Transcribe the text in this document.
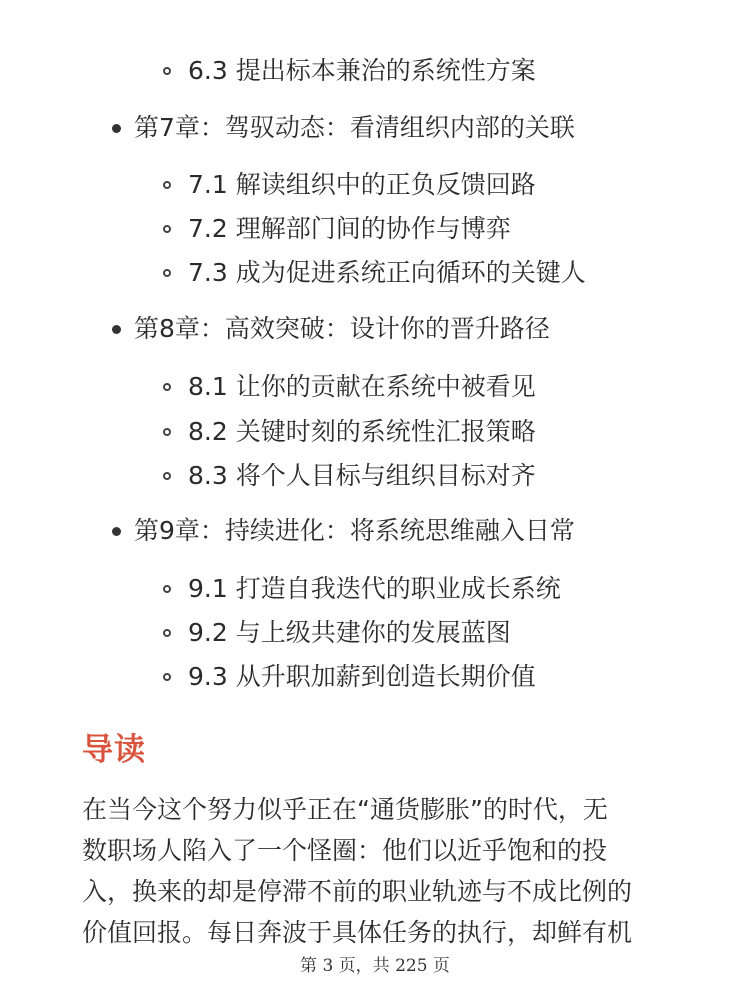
6.3 提出标本兼治的系统性方案
第7章：驾驭动态：看清组织内部的关联
7.1 解读组织中的正负反馈回路
7.2 理解部门间的协作与博弈
7.3 成为促进系统正向循环的关键人
第8章：高效突破：设计你的晋升路径
8.1 让你的贡献在系统中被看见
8.2 关键时刻的系统性汇报策略
8.3 将个人目标与组织目标对齐
第9章：持续进化：将系统思维融入日常
9.1 打造自我迭代的职业成长系统
9.2 与上级共建你的发展蓝图
9.3 从升职加薪到创造长期价值
导读
在当今这个努力似乎正在“通货膨胀”的时代，无
数职场人陷入了一个怪圈：他们以近乎饱和的投
入，换来的却是停滞不前的职业轨迹与不成比例的
价值回报。每日奔波于具体任务的执行，却鲜有机
第 3 页，共 225 页
